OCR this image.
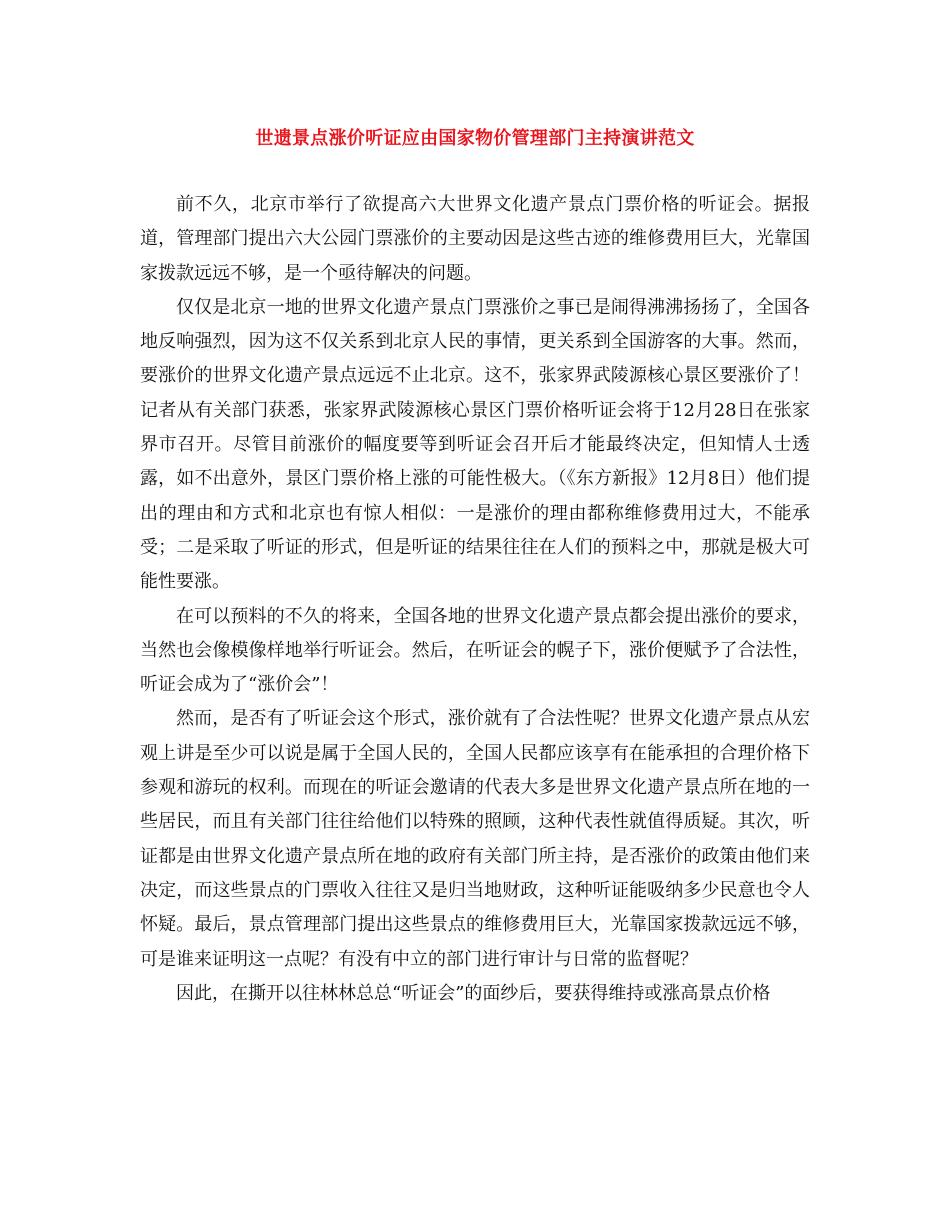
世遗景点涨价听证应由国家物价管理部门主持演讲范文

前不久，北京市举行了欲提高六大世界文化遗产景点门票价格的听证会。据报道，管理部门提出六大公园门票涨价的主要动因是这些古迹的维修费用巨大，光靠国家拨款远远不够，是一个亟待解决的问题。

仅仅是北京一地的世界文化遗产景点门票涨价之事已是闹得沸沸扬扬了，全国各地反响强烈，因为这不仅关系到北京人民的事情，更关系到全国游客的大事。然而，要涨价的世界文化遗产景点远远不止北京。这不，张家界武陵源核心景区要涨价了！记者从有关部门获悉，张家界武陵源核心景区门票价格听证会将于12月28日在张家界市召开。尽管目前涨价的幅度要等到听证会召开后才能最终决定，但知情人士透露，如不出意外，景区门票价格上涨的可能性极大。（《东方新报》12月8日）他们提出的理由和方式和北京也有惊人相似：一是涨价的理由都称维修费用过大，不能承受；二是采取了听证的形式，但是听证的结果往往在人们的预料之中，那就是极大可能性要涨。

在可以预料的不久的将来，全国各地的世界文化遗产景点都会提出涨价的要求，当然也会像模像样地举行听证会。然后，在听证会的幌子下，涨价便赋予了合法性，听证会成为了“涨价会”！

然而，是否有了听证会这个形式，涨价就有了合法性呢？世界文化遗产景点从宏观上讲是至少可以说是属于全国人民的，全国人民都应该享有在能承担的合理价格下参观和游玩的权利。而现在的听证会邀请的代表大多是世界文化遗产景点所在地的一些居民，而且有关部门往往给他们以特殊的照顾，这种代表性就值得质疑。其次，听证都是由世界文化遗产景点所在地的政府有关部门所主持，是否涨价的政策由他们来决定，而这些景点的门票收入往往又是归当地财政，这种听证能吸纳多少民意也令人怀疑。最后，景点管理部门提出这些景点的维修费用巨大，光靠国家拨款远远不够，可是谁来证明这一点呢？有没有中立的部门进行审计与日常的监督呢？

因此，在撕开以往林林总总“听证会”的面纱后，要获得维持或涨高景点价格
